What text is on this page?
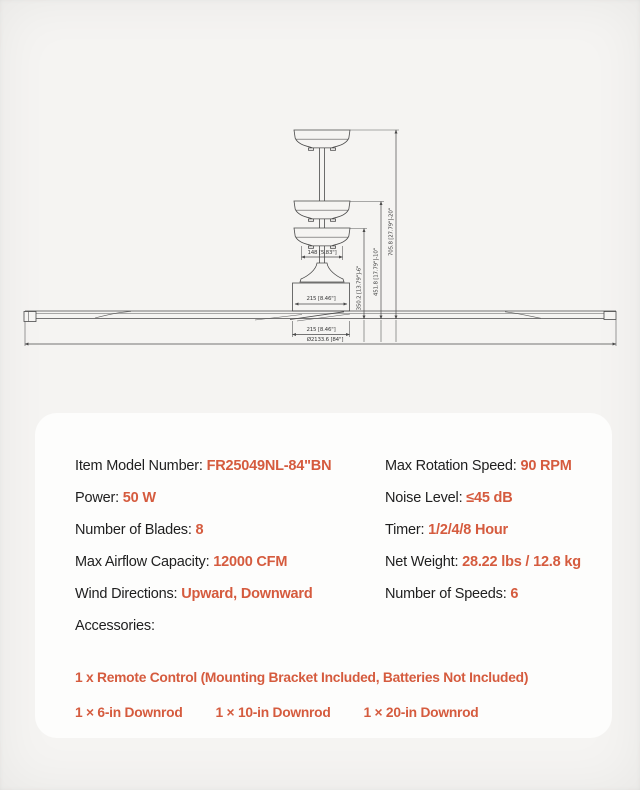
148 [5.83"]
215 [8.46"]
215 [8.46"]
Ø2133.6 [84"]
350.2 [13.79"]-6" 451.8 [17.79"]-10"
705.8 [27.79"]-20"

Item Model Number: FR25049NL-84"BN

Power: 50 W

Number of Blades: 8

Max Airflow Capacity: 12000 CFM

Wind Directions: Upward, Downward

Accessories:

Max Rotation Speed: 90 RPM

Noise Level: ≤45 dB

Timer: 1/2/4/8 Hour

Net Weight: 28.22 lbs / 12.8 kg

Number of Speeds: 6

1 x Remote Control (Mounting Bracket Included, Batteries Not Included)

1 × 6-in Downrod 1 × 10-in Downrod 1 × 20-in Downrod
